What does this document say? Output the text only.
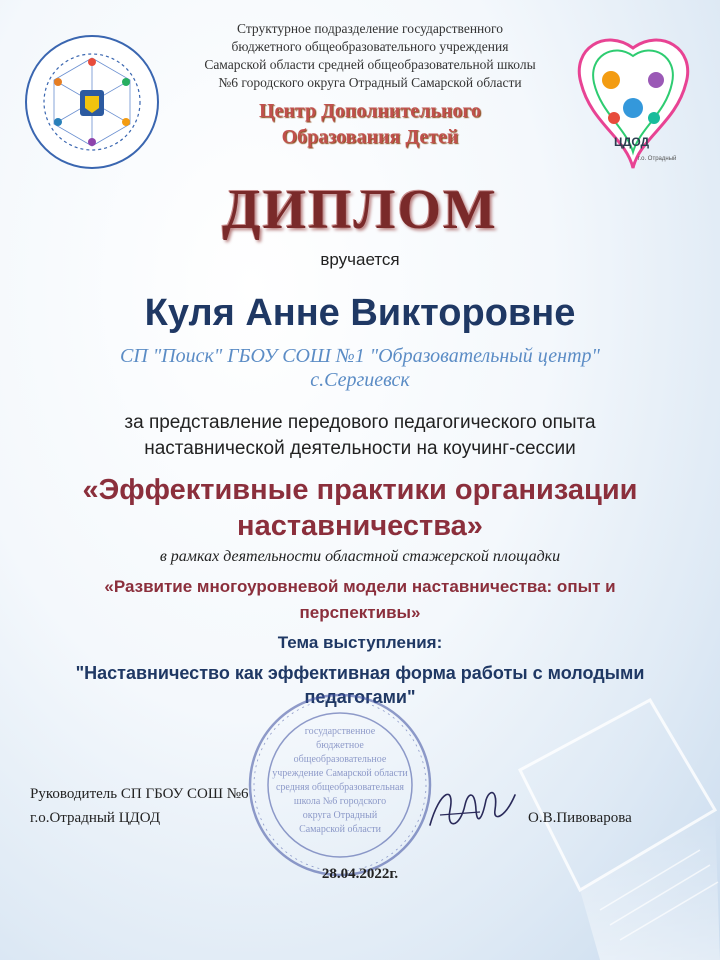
ЦДОД
г.о. Отрадный
Структурное подразделение государственного
бюджетного общеобразовательного учреждения
Самарской области средней общеобразовательной школы
№6 городского округа Отрадный Самарской области
Центр Дополнительного
Образования Детей
ДИПЛОМ
вручается
Куля Анне Викторовне
СП "Поиск" ГБОУ СОШ №1 "Образовательный центр"
с.Сергиевск
за представление передового педагогического опыта
наставнической деятельности на коучинг-сессии
«Эффективные практики организации
наставничества»
в рамках деятельности областной стажерской площадки
«Развитие многоуровневой модели наставничества: опыт и
перспективы»
Тема выступления:
"Наставничество как эффективная форма работы с молодыми
педагогами"
государственное
бюджетное
общеобразовательное
учреждение Самарской области
средняя общеобразовательная
школа №6 городского
округа Отрадный
Самарской области
Руководитель СП ГБОУ СОШ №6
г.о.Отрадный ЦДОД	О.В.Пивоварова
28.04.2022г.
